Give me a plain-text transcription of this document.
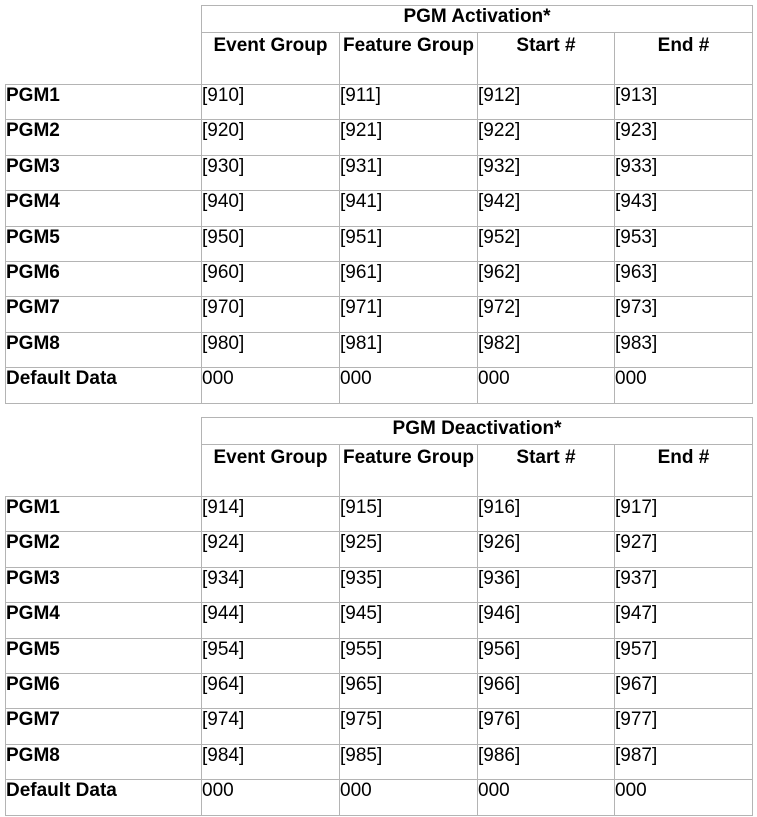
	PGM Activation*			
	Event Group	Feature Group	Start #	End #
PGM1	[910]	[911]	[912]	[913]
PGM2	[920]	[921]	[922]	[923]
PGM3	[930]	[931]	[932]	[933]
PGM4	[940]	[941]	[942]	[943]
PGM5	[950]	[951]	[952]	[953]
PGM6	[960]	[961]	[962]	[963]
PGM7	[970]	[971]	[972]	[973]
PGM8	[980]	[981]	[982]	[983]
Default Data	000	000	000	000
	PGM Deactivation*			
	Event Group	Feature Group	Start #	End #
PGM1	[914]	[915]	[916]	[917]
PGM2	[924]	[925]	[926]	[927]
PGM3	[934]	[935]	[936]	[937]
PGM4	[944]	[945]	[946]	[947]
PGM5	[954]	[955]	[956]	[957]
PGM6	[964]	[965]	[966]	[967]
PGM7	[974]	[975]	[976]	[977]
PGM8	[984]	[985]	[986]	[987]
Default Data	000	000	000	000
